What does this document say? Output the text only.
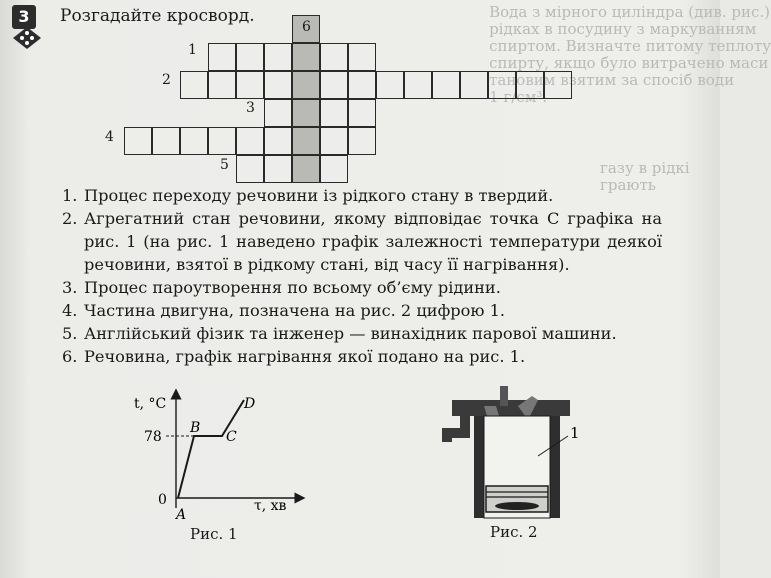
Вода з мірного циліндра (див. рис.)
рідках в посудину з маркуванням
спиртом. Визначте питому теплоту
спирту, якщо було витрачено маси
тановим взятим за спосіб води
1 г/см³.
газу в рідкі
грають
3	Розгадайте кросворд.
1
2
3
4
5
6
1. Процес переходу речовини із рідкого стану в твердий.
2. Агрегатний стан речовини, якому відповідає точка C графіка на рис. 1 (на рис. 1 наведено графік залежності температури деякої речовини, взятої в рідкому стані, від часу її нагрівання).
3. Процес пароутворення по всьому об’єму рідини.
4. Частина двигуна, позначена на рис. 2 цифрою 1.
5. Англійський фізик та інженер — винахідник парової машини.
6. Речовина, графік нагрівання якої подано на рис. 1.
t, °C
78
0	τ, хв
A
B
C
D
Рис. 1
1
Рис. 2
